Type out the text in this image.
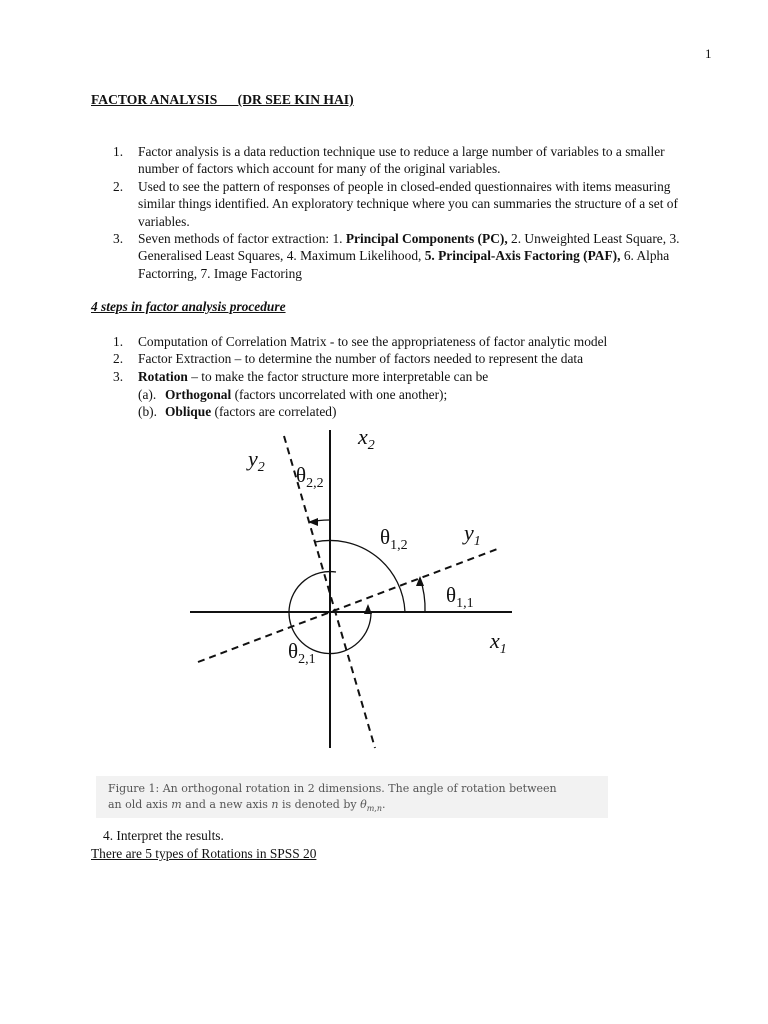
1
FACTOR ANALYSIS      (DR SEE KIN HAI)
1. Factor analysis is a data reduction technique use to reduce a large number of variables to a smaller number of factors which account for many of the original variables.
2. Used to see the pattern of responses of people in closed-ended questionnaires with items measuring similar things identified. An exploratory technique where you can summaries the structure of a set of variables.
3. Seven methods of factor extraction: 1. Principal Components (PC), 2. Unweighted Least Square, 3. Generalised Least Squares, 4. Maximum Likelihood, 5. Principal-Axis Factoring (PAF), 6. Alpha Factorring, 7. Image Factoring
4 steps in factor analysis procedure
1. Computation of Correlation Matrix - to see the appropriateness of factor analytic model
2. Factor Extraction – to determine the number of factors needed to represent the data
3. Rotation – to make the factor structure more interpretable can be
(a). Orthogonal (factors uncorrelated with one another);
(b). Oblique (factors are correlated)
$x_2$
$y_2$ $\theta_{2,2}$
$\theta_{1,2}$
$y_1$
$\theta_{1,1}$
$x_1$
$\theta_{2,1}$
Figure 1: An orthogonal rotation in 2 dimensions. The angle of rotation between
an old axis m and a new axis n is denoted by $\theta_{m,n}$.
4. Interpret the results.
There are 5 types of Rotations in SPSS 20
